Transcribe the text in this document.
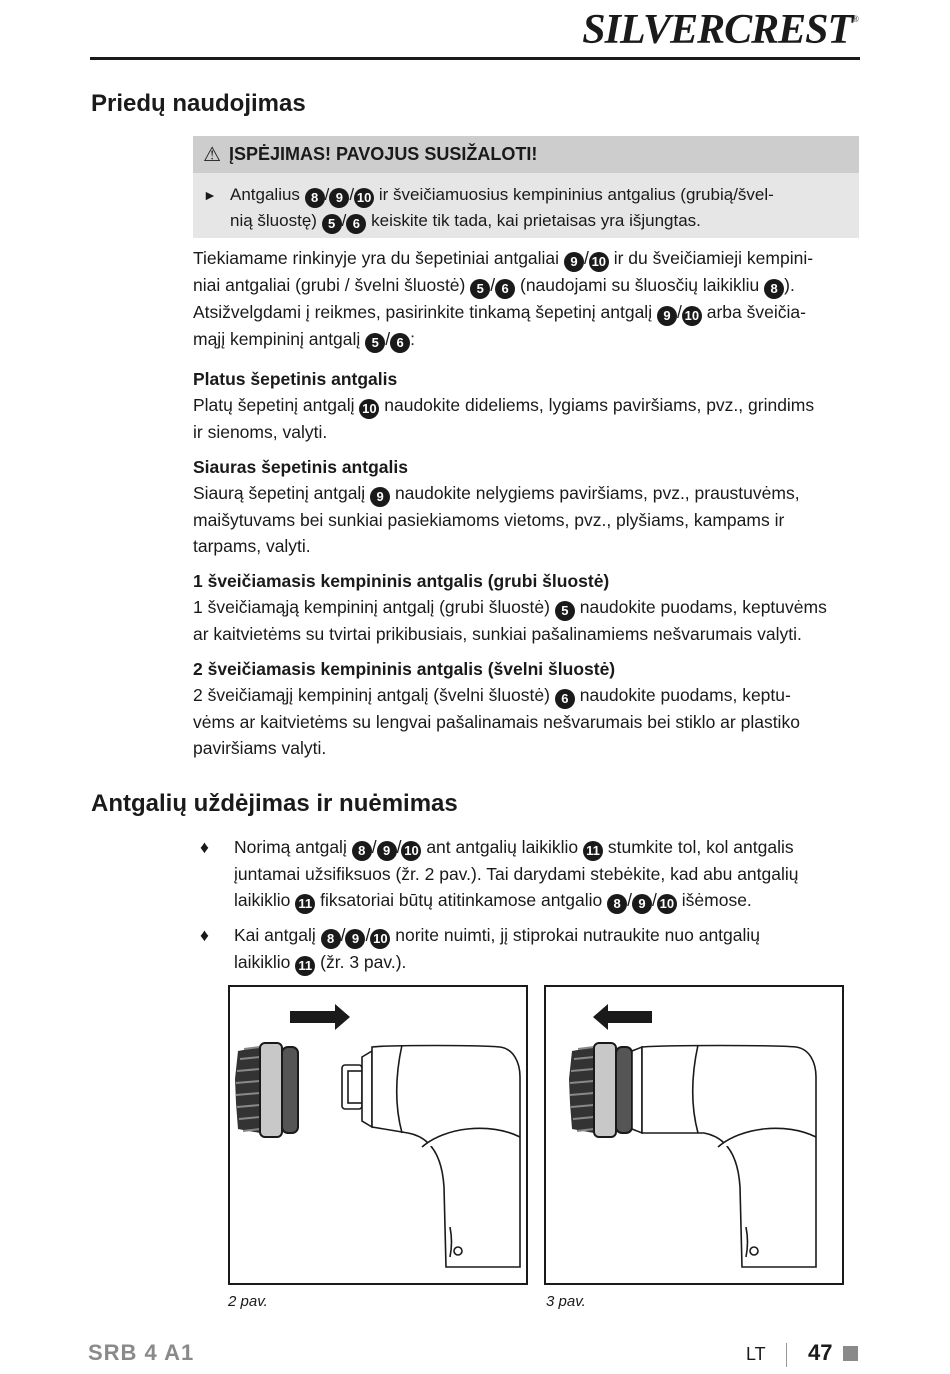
SILVERCREST®
Priedų naudojimas
⚠ ĮSPĖJIMAS! PAVOJUS SUSIŽALOTI!
► Antgalius 8 / 9 / 10 ir šveičiamuosius kempininius antgalius (grubią/švel-
nią šluostę) 5 / 6 keiskite tik tada, kai prietaisas yra išjungtas.

Tiekiamame rinkinyje yra du šepetiniai antgaliai 9 / 10 ir du šveičiamieji kempini-
niai antgaliai (grubi / švelni šluostė) 5 / 6 (naudojami su šluosčių laikikliu 8 ).
Atsižvelgdami į reikmes, pasirinkite tinkamą šepetinį antgalį 9 / 10 arba šveičia-
mąjį kempininį antgalį 5 / 6 :

Platus šepetinis antgalis
Platų šepetinį antgalį 10 naudokite dideliems, lygiams paviršiams, pvz., grindims
ir sienoms, valyti.

Siauras šepetinis antgalis
Siaurą šepetinį antgalį 9 naudokite nelygiems paviršiams, pvz., praustuvėms,
maišytuvams bei sunkiai pasiekiamoms vietoms, pvz., plyšiams, kampams ir
tarpams, valyti.

1 šveičiamasis kempininis antgalis (grubi šluostė)
1 šveičiamąją kempininį antgalį (grubi šluostė) 5 naudokite puodams, keptuvėms
ar kaitvietėms su tvirtai prikibusiais, sunkiai pašalinamiems nešvarumais valyti.

2 šveičiamasis kempininis antgalis (švelni šluostė)
2 šveičiamąjį kempininį antgalį (švelni šluostė) 6 naudokite puodams, keptu-
vėms ar kaitvietėms su lengvai pašalinamais nešvarumais bei stiklo ar plastiko
paviršiams valyti.

Antgalių uždėjimas ir nuėmimas
♦ Norimą antgalį 8 / 9 / 10 ant antgalių laikiklio 11 stumkite tol, kol antgalis
įuntamai užsifiksuos (žr. 2 pav.). Tai darydami stebėkite, kad abu antgalių
laikiklio 11 fiksatoriai būtų atitinkamose antgalio 8 / 9 / 10 išėmose.
♦ Kai antgalį 8 / 9 / 10 norite nuimti, jį stiprokai nutraukite nuo antgalių
laikiklio 11 (žr. 3 pav.).
2 pav.	3 pav.
SRB 4 A1	LT 47
